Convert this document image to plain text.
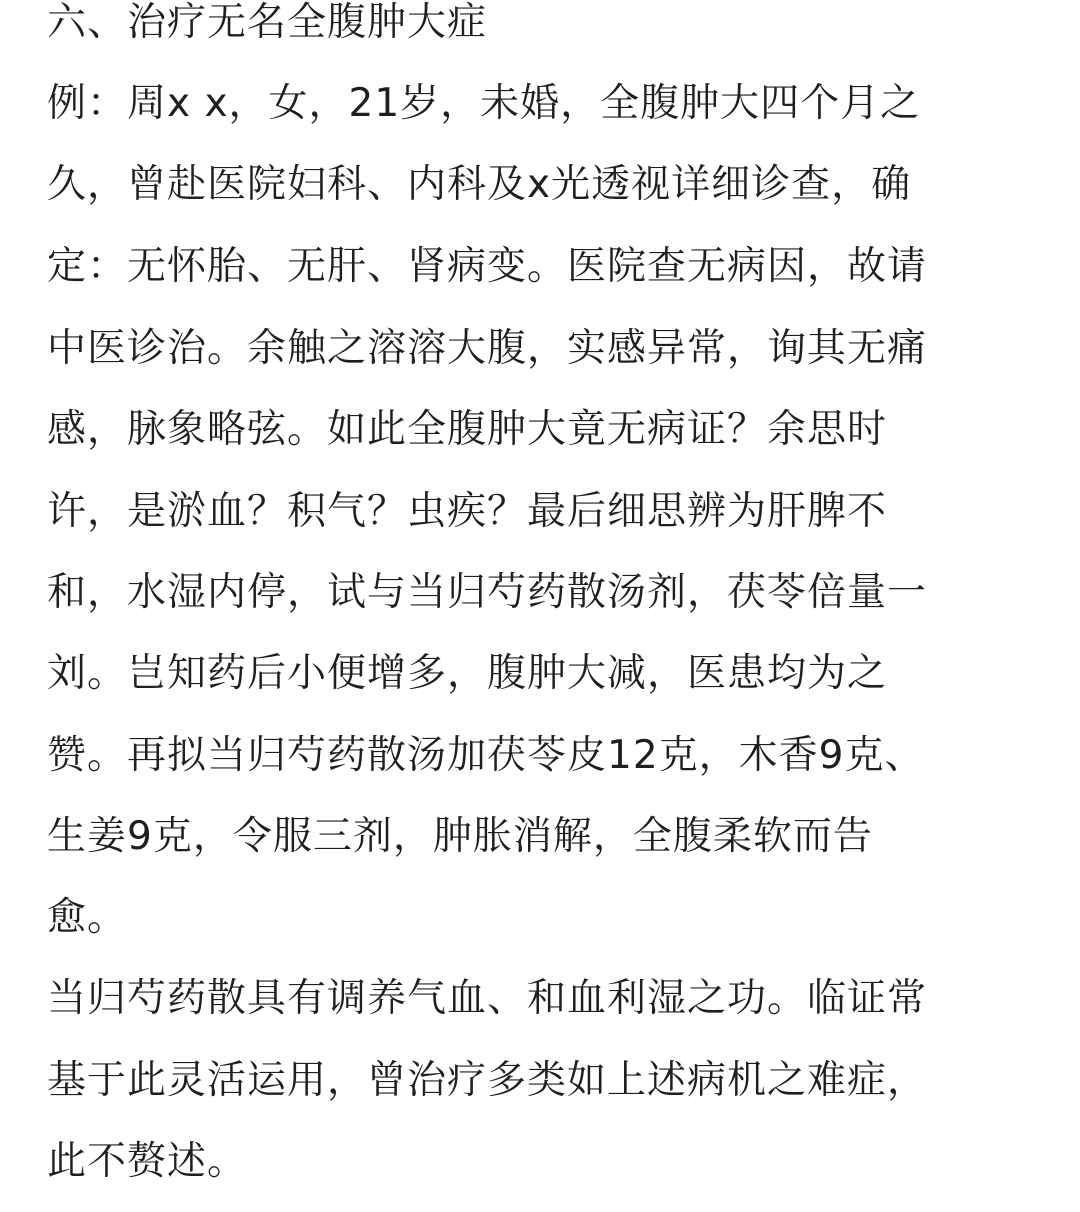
六、治疗无名全腹肿大症
例：周x x，女，21岁，未婚，全腹肿大四个月之
久，曾赴医院妇科、内科及x光透视详细诊查，确
定：无怀胎、无肝、肾病变。医院查无病因，故请
中医诊治。余触之溶溶大腹，实感异常，询其无痛
感，脉象略弦。如此全腹肿大竟无病证？余思时
许，是淤血？积气？虫疾？最后细思辨为肝脾不
和，水湿内停，试与当归芍药散汤剂，茯苓倍量一
刘。岂知药后小便增多，腹肿大减，医患均为之
赞。再拟当归芍药散汤加茯苓皮12克，木香9克、
生姜9克，令服三剂，肿胀消解，全腹柔软而告
愈。
当归芍药散具有调养气血、和血利湿之功。临证常
基于此灵活运用，曾治疗多类如上述病机之难症，
此不赘述。
